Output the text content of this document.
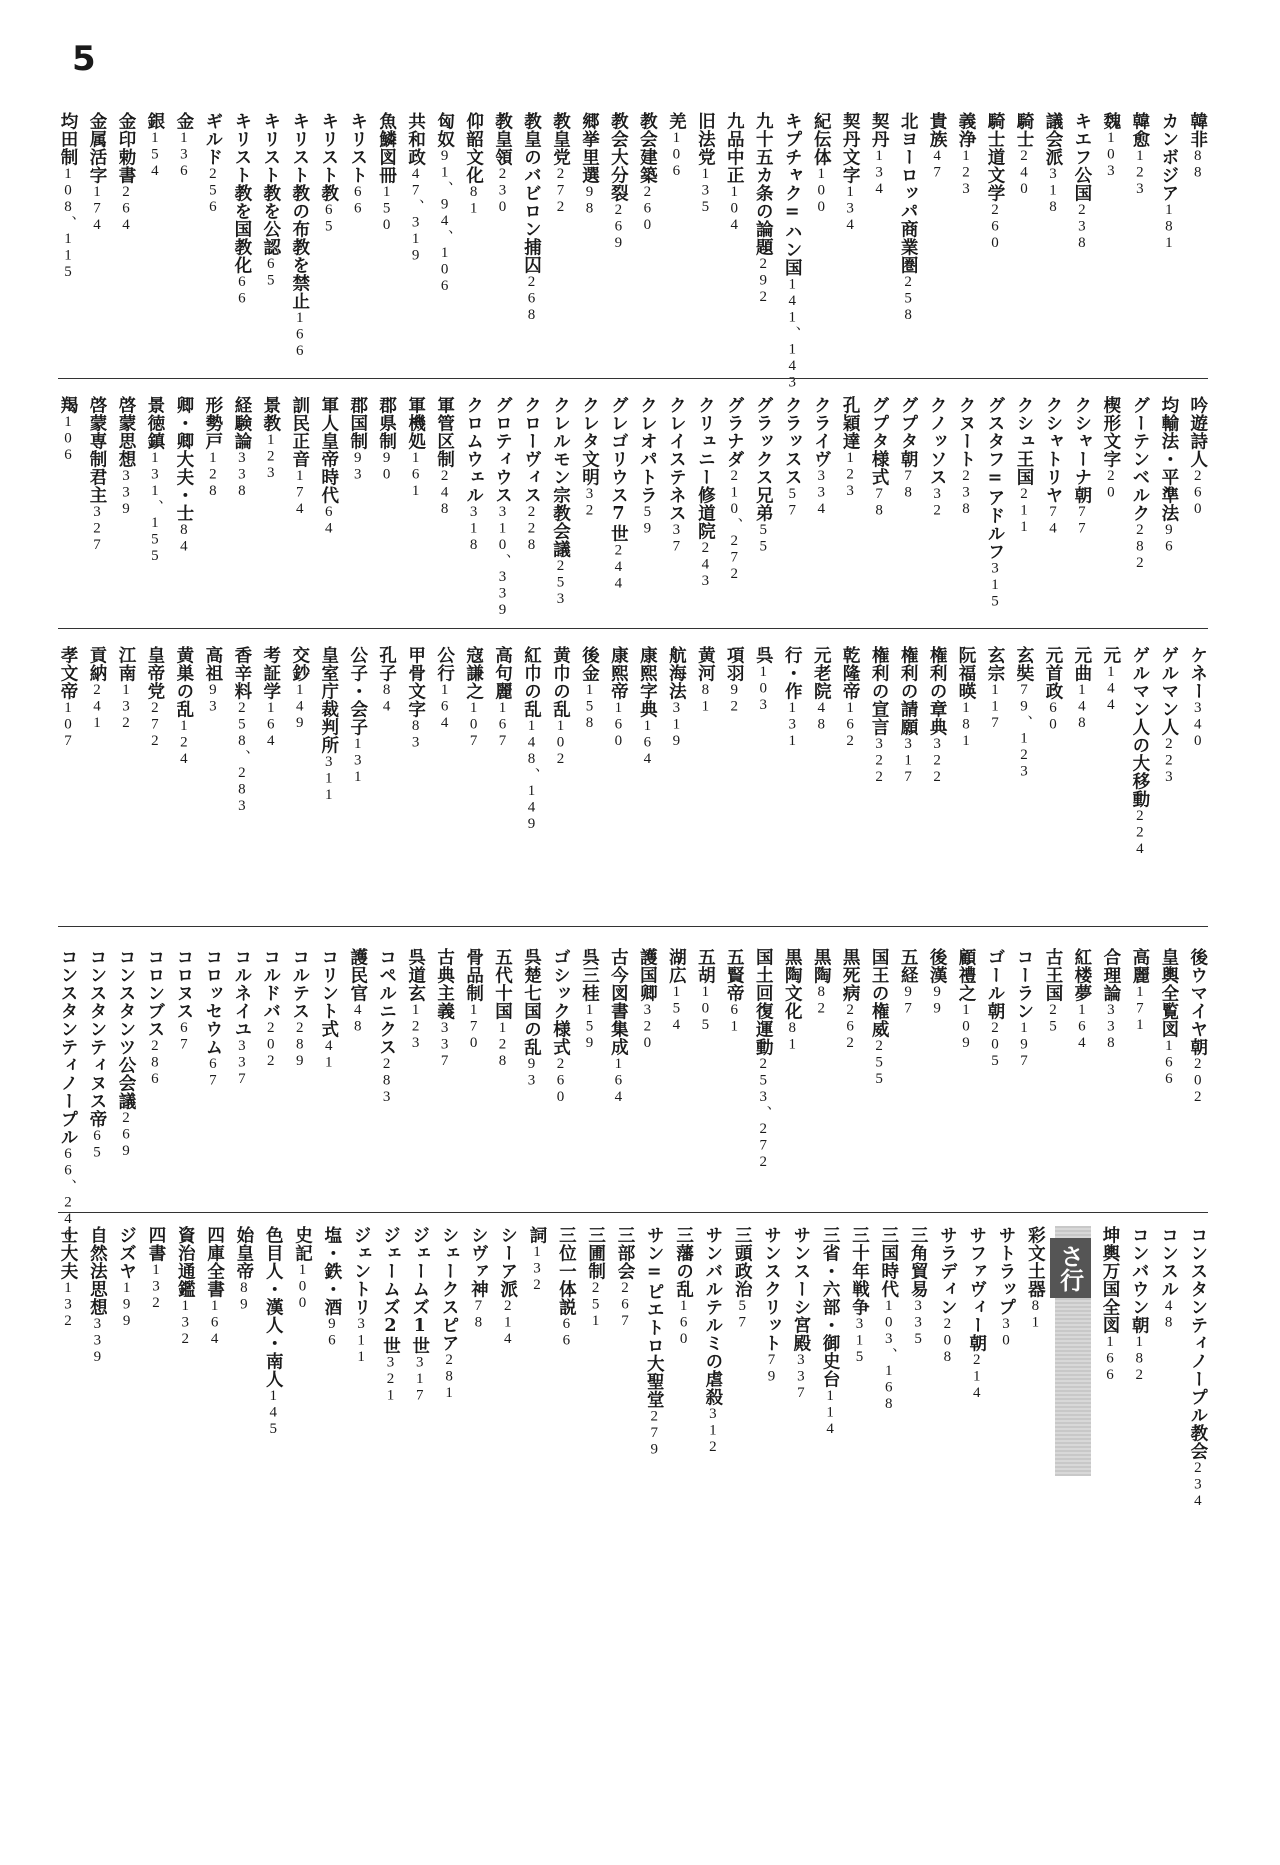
5
韓非88
カンボジア181
韓愈123
魏103
キエフ公国238
議会派318
騎士240
騎士道文学260
義浄123
貴族47
北ヨーロッパ商業圏258
契丹134
契丹文字134
紀伝体100
キプチャク=ハン国141、143
九十五カ条の論題292
九品中正104
旧法党135
羌106
教会建築260
教会大分裂269
郷挙里選98
教皇党272
教皇のバビロン捕囚268
教皇領230
仰韶文化81
匈奴91、94、106
共和政47、319
魚鱗図冊150
キリスト66
キリスト教65
キリスト教の布教を禁止166
キリスト教を公認65
キリスト教を国教化66
ギルド256
金136
銀154
金印勅書264
金属活字174
均田制108、115
吟遊詩人260
均輸法・平準法96
グーテンベルク282
楔形文字20
クシャーナ朝77
クシャトリヤ74
クシュ王国211
グスタフ=アドルフ315
クヌート238
クノッソス32
グプタ朝78
グプタ様式78
孔穎達123
クライヴ334
クラッスス57
グラックス兄弟55
グラナダ210、272
クリュニー修道院243
クレイステネス37
クレオパトラ59
グレゴリウス7世244
クレタ文明32
クレルモン宗教会議253
クローヴィス228
グロティウス310、339
クロムウェル318
軍管区制248
軍機処161
郡県制90
郡国制93
軍人皇帝時代64
訓民正音174
景教123
経験論338
形勢戸128
卿・卿大夫・士84
景徳鎮131、155
啓蒙思想339
啓蒙専制君主327
羯106
ケネー340
ゲルマン人223
ゲルマン人の大移動224
元144
元曲148
元首政60
玄奘79、123
玄宗117
阮福暎181
権利の章典322
権利の請願317
権利の宣言322
乾隆帝162
元老院48
行・作131
呉103
項羽92
黄河81
航海法319
康熙字典164
康熙帝160
後金158
黄巾の乱102
紅巾の乱148、149
高句麗167
寇謙之107
公行164
甲骨文字83
孔子84
公子・会子131
皇室庁裁判所311
交鈔149
考証学164
香辛料258、283
高祖93
黄巣の乱124
皇帝党272
江南132
貢納241
孝文帝107
後ウマイヤ朝202
皇輿全覧図166
高麗171
合理論338
紅楼夢164
古王国25
コーラン197
ゴール朝205
顧禮之109
後漢99
五経97
国王の権威255
黒死病262
黒陶82
黒陶文化81
国土回復運動253、272
五賢帝61
五胡105
湖広154
護国卿320
古今図書集成164
呉三桂159
ゴシック様式260
呉楚七国の乱93
五代十国128
骨品制170
古典主義337
呉道玄123
コペルニクス283
護民官48
コリント式41
コルテス289
コルドバ202
コルネイユ337
コロッセウム67
コロヌス67
コロンブス286
コンスタンツ公会議269
コンスタンティヌス帝65
コンスタンティノープル66、246
コンスタンティノープル教会234
コンスル48
コンバウン朝182
坤輿万国全図166
さ行
彩文土器81
サトラップ30
サファヴィー朝214
サラディン208
三角貿易335
三国時代103、168
三十年戦争315
三省・六部・御史台114
サンスーシ宮殿337
サンスクリット79
三頭政治57
サンバルテルミの虐殺312
三藩の乱160
サン=ピエトロ大聖堂279
三部会267
三圃制251
三位一体説66
詞132
シーア派214
シヴァ神78
シェークスピア281
ジェームズ1世317
ジェームズ2世321
ジェントリ311
塩・鉄・酒96
史記100
色目人・漢人・南人145
始皇帝89
四庫全書164
資治通鑑132
四書132
ジズヤ199
自然法思想339
士大夫132
